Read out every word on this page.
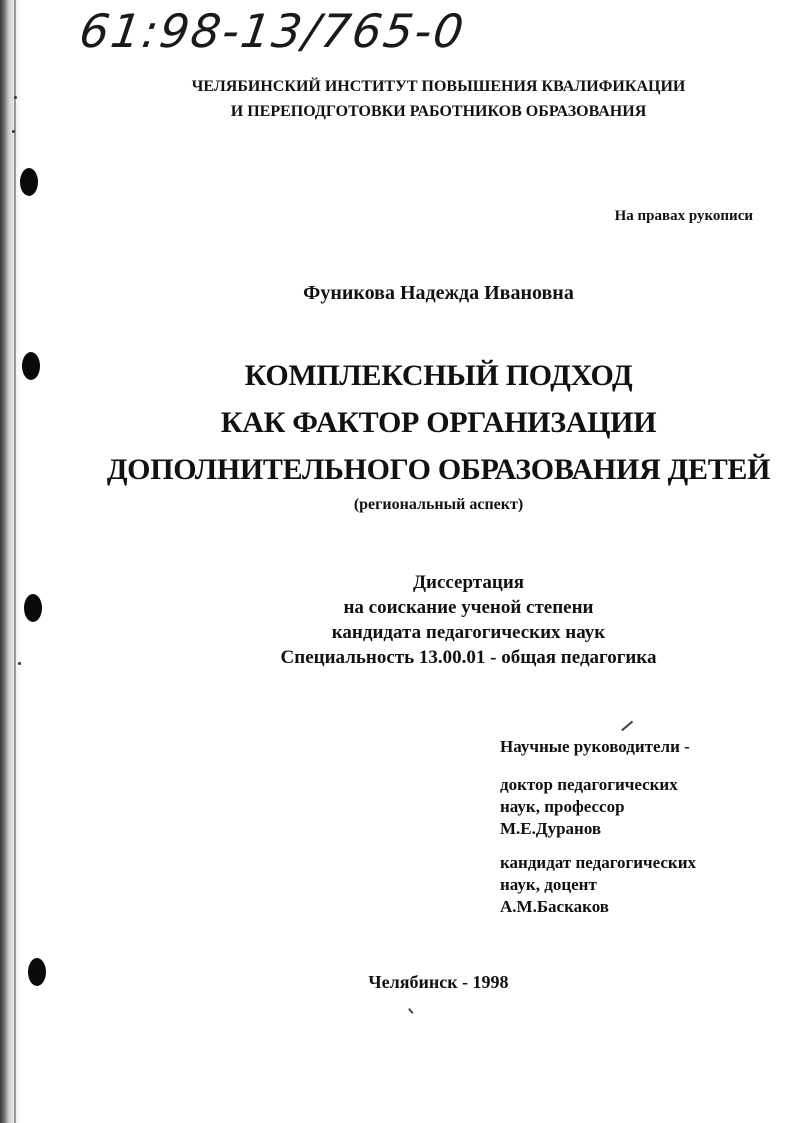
61:98-13/765-0
ЧЕЛЯБИНСКИЙ ИНСТИТУТ ПОВЫШЕНИЯ КВАЛИФИКАЦИИ
И ПЕРЕПОДГОТОВКИ РАБОТНИКОВ ОБРАЗОВАНИЯ
На правах рукописи
Фуникова Надежда Ивановна
КОМПЛЕКСНЫЙ ПОДХОД
КАК ФАКТОР ОРГАНИЗАЦИИ
ДОПОЛНИТЕЛЬНОГО ОБРАЗОВАНИЯ ДЕТЕЙ
(региональный аспект)
Диссертация
на соискание ученой степени
кандидата педагогических наук
Специальность 13.00.01 - общая педагогика
Научные руководители -
доктор педагогических
наук, профессор
М.Е.Дуранов
кандидат педагогических
наук, доцент
А.М.Баскаков
Челябинск - 1998
